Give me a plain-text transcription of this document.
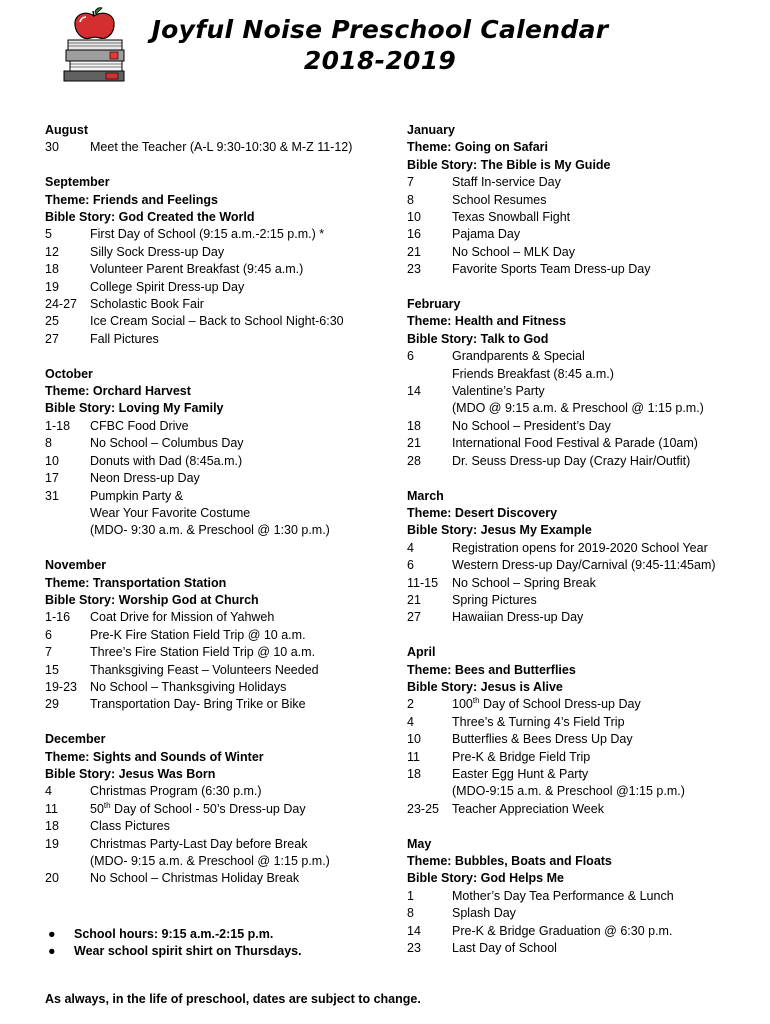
Joyful Noise Preschool Calendar
2018-2019
August
30	Meet the Teacher (A-L 9:30-10:30 & M-Z 11-12)
September
Theme: Friends and Feelings
Bible Story: God Created the World
5	First Day of School (9:15 a.m.-2:15 p.m.) *
12	Silly Sock Dress-up Day
18	Volunteer Parent Breakfast (9:45 a.m.)
19	College Spirit Dress-up Day
24-27	Scholastic Book Fair
25	Ice Cream Social – Back to School Night-6:30
27	Fall Pictures
October
Theme: Orchard Harvest
Bible Story: Loving My Family
1-18	CFBC Food Drive
8	No School – Columbus Day
10	Donuts with Dad (8:45a.m.)
17	Neon Dress-up Day
31	Pumpkin Party &
Wear Your Favorite Costume
(MDO- 9:30 a.m. & Preschool @ 1:30 p.m.)
November
Theme: Transportation Station
Bible Story: Worship God at Church
1-16	Coat Drive for Mission of Yahweh
6	Pre-K Fire Station Field Trip @ 10 a.m.
7	Three’s Fire Station Field Trip @ 10 a.m.
15	Thanksgiving Feast – Volunteers Needed
19-23	No School – Thanksgiving Holidays
29	Transportation Day- Bring Trike or Bike
December
Theme: Sights and Sounds of Winter
Bible Story: Jesus Was Born
4	Christmas Program (6:30 p.m.)
11	50th Day of School - 50’s Dress-up Day
18	Class Pictures
19	Christmas Party-Last Day before Break
(MDO- 9:15 a.m. & Preschool @ 1:15 p.m.)
20	No School – Christmas Holiday Break
January
Theme: Going on Safari
Bible Story: The Bible is My Guide
7	Staff In-service Day
8	School Resumes
10	Texas Snowball Fight
16	Pajama Day
21	No School – MLK Day
23	Favorite Sports Team Dress-up Day
February
Theme: Health and Fitness
Bible Story: Talk to God
6	Grandparents & Special
Friends Breakfast (8:45 a.m.)
14	Valentine’s Party
(MDO @ 9:15 a.m. & Preschool @ 1:15 p.m.)
18	No School – President’s Day
21	International Food Festival & Parade (10am)
28	Dr. Seuss Dress-up Day (Crazy Hair/Outfit)
March
Theme: Desert Discovery
Bible Story: Jesus My Example
4	Registration opens for 2019-2020 School Year
6	Western Dress-up Day/Carnival (9:45-11:45am)
11-15	No School – Spring Break
21	Spring Pictures
27	Hawaiian Dress-up Day
April
Theme: Bees and Butterflies
Bible Story: Jesus is Alive
2	100th Day of School Dress-up Day
4	Three’s & Turning 4’s Field Trip
10	Butterflies & Bees Dress Up Day
11	Pre-K & Bridge Field Trip
18	Easter Egg Hunt & Party
(MDO-9:15 a.m. & Preschool @1:15 p.m.)
23-25	Teacher Appreciation Week
May
Theme: Bubbles, Boats and Floats
Bible Story: God Helps Me
1	Mother’s Day Tea Performance & Lunch
8	Splash Day
14	Pre-K & Bridge Graduation @ 6:30 p.m.
23	Last Day of School
●	School hours: 9:15 a.m.-2:15 p.m.
●	Wear school spirit shirt on Thursdays.
As always, in the life of preschool, dates are subject to change.
